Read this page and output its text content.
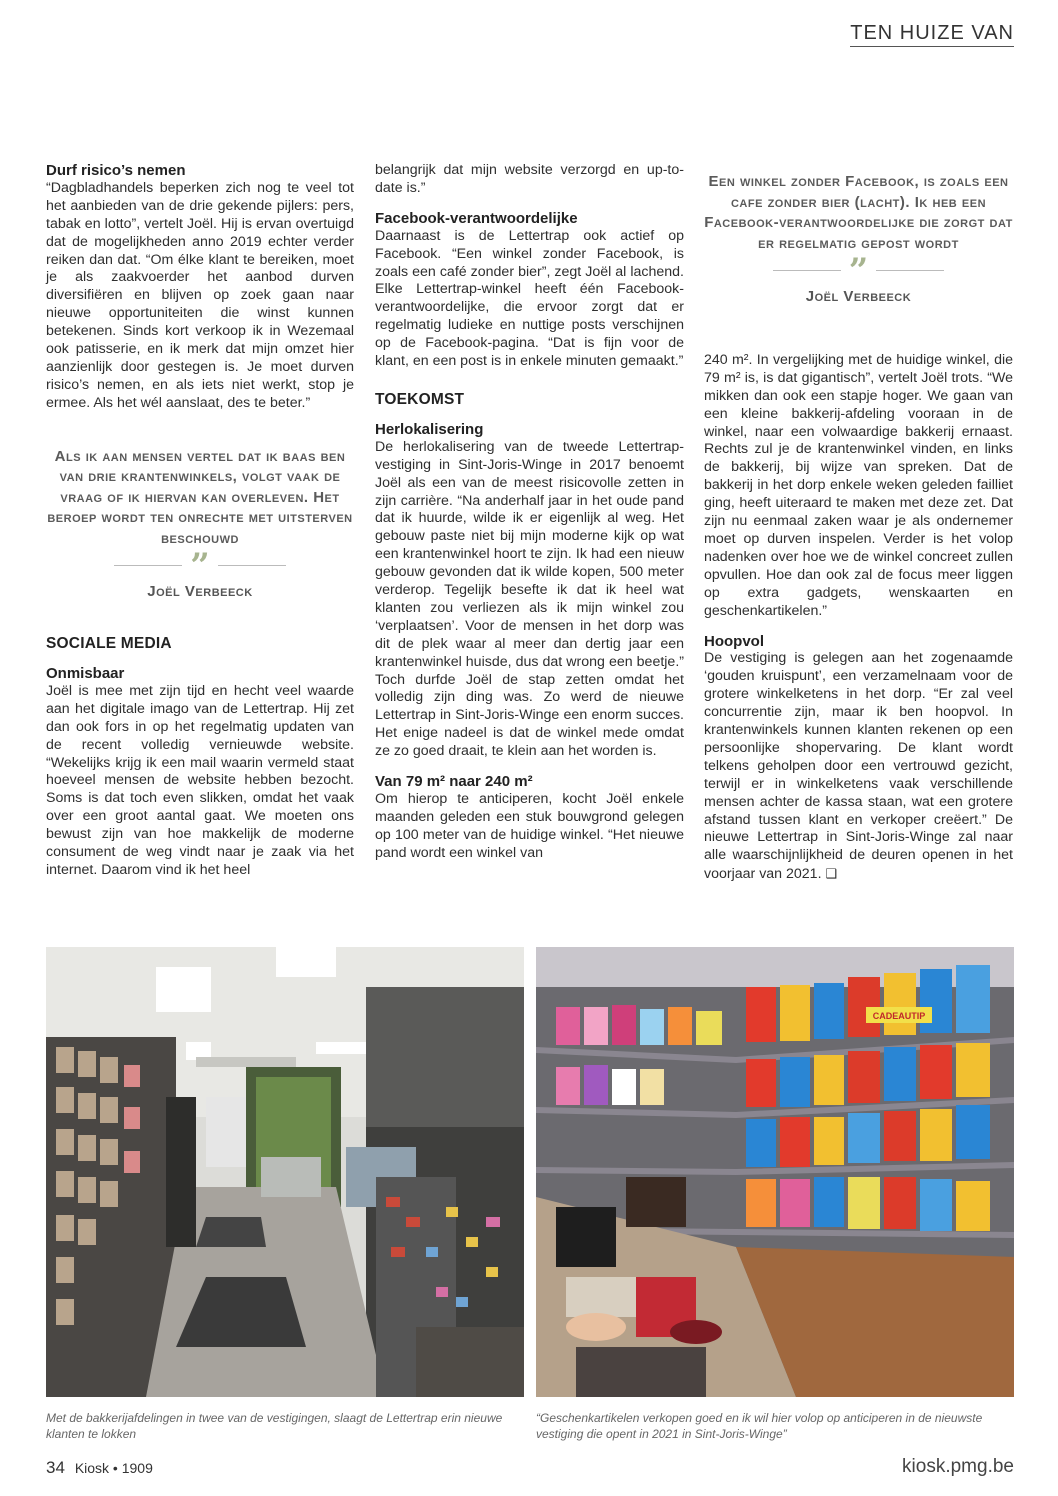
TEN HUIZE VAN

Durf risico’s nemen

“Dagbladhandels beperken zich nog te veel tot het aanbieden van de drie gekende pijlers: pers, tabak en lotto”, vertelt Joël. Hij is ervan overtuigd dat de mogelijkheden anno 2019 echter verder reiken dan dat. “Om élke klant te bereiken, moet je als zaakvoerder het aanbod durven diversifiëren en blijven op zoek gaan naar nieuwe opportuniteiten die winst kunnen betekenen. Sinds kort verkoop ik in Wezemaal ook patisserie, en ik merk dat mijn omzet hier aanzienlijk door gestegen is. Je moet durven risico’s nemen, en als iets niet werkt, stop je ermee. Als het wél aanslaat, des te beter.”

Als ik aan mensen vertel dat ik baas ben van drie krantenwinkels, volgt vaak de vraag of ik hiervan kan overleven. Het beroep wordt ten onrechte met uitsterven beschouwd
”
Joël Verbeeck

SOCIALE MEDIA

Onmisbaar

Joël is mee met zijn tijd en hecht veel waarde aan het digitale imago van de Lettertrap. Hij zet dan ook fors in op het regelmatig updaten van de recent volledig vernieuwde website. “Wekelijks krijg ik een mail waarin vermeld staat hoeveel mensen de website hebben bezocht. Soms is dat toch even slikken, omdat het vaak over een groot aantal gaat. We moeten ons bewust zijn van hoe makkelijk de moderne consument de weg vindt naar je zaak via het internet. Daarom vind ik het heel

belangrijk dat mijn website verzorgd en up-to-date is.”

Facebook-verantwoordelijke

Daarnaast is de Lettertrap ook actief op Facebook. “Een winkel zonder Facebook, is zoals een café zonder bier”, zegt Joël al lachend. Elke Lettertrap-winkel heeft één Facebook-verantwoordelijke, die ervoor zorgt dat er regelmatig ludieke en nuttige posts verschijnen op de Facebook-pagina. “Dat is fijn voor de klant, en een post is in enkele minuten gemaakt.”

TOEKOMST

Herlokalisering

De herlokalisering van de tweede Lettertrap-vestiging in Sint-Joris-Winge in 2017 benoemt Joël als een van de meest risicovolle zetten in zijn carrière. “Na anderhalf jaar in het oude pand dat ik huurde, wilde ik er eigenlijk al weg. Het gebouw paste niet bij mijn moderne kijk op wat een krantenwinkel hoort te zijn. Ik had een nieuw gebouw gevonden dat ik wilde kopen, 500 meter verderop. Tegelijk besefte ik dat ik heel wat klanten zou verliezen als ik mijn winkel zou ‘verplaatsen’. Voor de mensen in het dorp was dit de plek waar al meer dan dertig jaar een krantenwinkel huisde, dus dat wrong een beetje.” Toch durfde Joël de stap zetten omdat het volledig zijn ding was. Zo werd de nieuwe Lettertrap in Sint-Joris-Winge een enorm succes. Het enige nadeel is dat de winkel mede omdat ze zo goed draait, te klein aan het worden is.

Van 79 m² naar 240 m²

Om hierop te anticiperen, kocht Joël enkele maanden geleden een stuk bouwgrond gelegen op 100 meter van de huidige winkel. “Het nieuwe pand wordt een winkel van

Een winkel zonder Facebook, is zoals een cafe zonder bier (lacht). Ik heb een Facebook-verantwoordelijke die zorgt dat er regelmatig gepost wordt
”
Joël Verbeeck

240 m². In vergelijking met de huidige winkel, die 79 m² is, is dat gigantisch”, vertelt Joël trots. “We mikken dan ook een stapje hoger. We gaan van een kleine bakkerij-afdeling vooraan in de winkel, naar een volwaardige bakkerij ernaast. Rechts zul je de krantenwinkel vinden, en links de bakkerij, bij wijze van spreken. Dat de bakkerij in het dorp enkele weken geleden failliet ging, heeft uiteraard te maken met deze zet. Dat zijn nu eenmaal zaken waar je als ondernemer moet op durven inspelen. Verder is het volop nadenken over hoe we de winkel concreet zullen opvullen. Hoe dan ook zal de focus meer liggen op extra gadgets, wenskaarten en geschenkartikelen.”

Hoopvol

De vestiging is gelegen aan het zogenaamde ‘gouden kruispunt’, een verzamelnaam voor de grotere winkelketens in het dorp. “Er zal veel concurrentie zijn, maar ik ben hoopvol. In krantenwinkels kunnen klanten rekenen op een persoonlijke shopervaring. De klant wordt telkens geholpen door een vertrouwd gezicht, terwijl er in winkelketens vaak verschillende mensen achter de kassa staan, wat een grotere afstand tussen klant en verkoper creëert.” De nieuwe Lettertrap in Sint-Joris-Winge zal naar alle waarschijnlijkheid de deuren openen in het voorjaar van 2021. ❑

CADEAUTIP
Met de bakkerijafdelingen in twee van de vestigingen, slaagt de Lettertrap erin nieuwe klanten te lokken
“Geschenkartikelen verkopen goed en ik wil hier volop op anticiperen in de nieuwste vestiging die opent in 2021 in Sint-Joris-Winge”
34 Kiosk • 1909	kiosk.pmg.be
